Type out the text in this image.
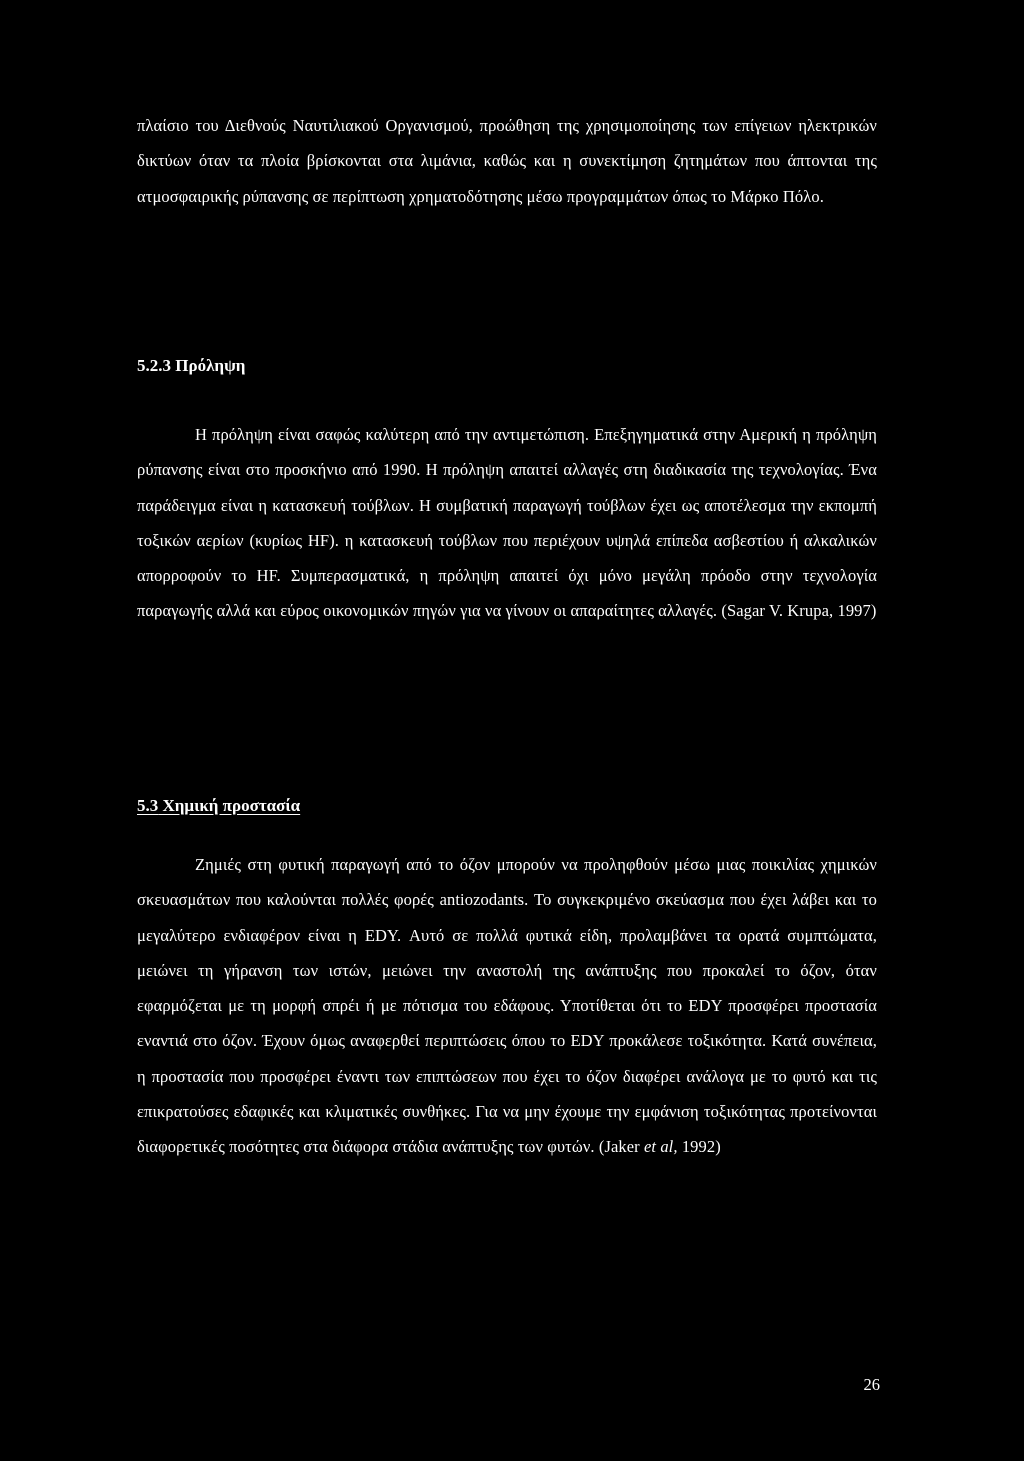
πλαίσιο του Διεθνούς Ναυτιλιακού Οργανισμού, προώθηση της χρησιμοποίησης των επίγειων ηλεκτρικών δικτύων όταν τα πλοία βρίσκονται στα λιμάνια, καθώς και η συνεκτίμηση ζητημάτων που άπτονται της ατμοσφαιρικής ρύπανσης σε περίπτωση χρηματοδότησης μέσω προγραμμάτων όπως το Μάρκο Πόλο.

5.2.3 Πρόληψη

Η πρόληψη είναι σαφώς καλύτερη από την αντιμετώπιση. Επεξηγηματικά στην Αμερική η πρόληψη ρύπανσης είναι στο προσκήνιο από 1990. Η πρόληψη απαιτεί αλλαγές στη διαδικασία της τεχνολογίας. Ένα παράδειγμα είναι η κατασκευή τούβλων. Η συμβατική παραγωγή τούβλων έχει ως αποτέλεσμα την εκπομπή τοξικών αερίων (κυρίως HF). η κατασκευή τούβλων που περιέχουν υψηλά επίπεδα ασβεστίου ή αλκαλικών απορροφούν το HF. Συμπερασματικά, η πρόληψη απαιτεί όχι μόνο μεγάλη πρόοδο στην τεχνολογία παραγωγής αλλά και εύρος οικονομικών πηγών για να γίνουν οι απαραίτητες αλλαγές. (Sagar V. Krupa, 1997)

5.3 Χημική προστασία

Ζημιές στη φυτική παραγωγή από το όζον μπορούν να προληφθούν μέσω μιας ποικιλίας χημικών σκευασμάτων που καλούνται πολλές φορές antiozodants. Το συγκεκριμένο σκεύασμα που έχει λάβει και το μεγαλύτερο ενδιαφέρον είναι η EDY. Αυτό σε πολλά φυτικά είδη, προλαμβάνει τα ορατά συμπτώματα, μειώνει τη γήρανση των ιστών, μειώνει την αναστολή της ανάπτυξης που προκαλεί το όζον, όταν εφαρμόζεται με τη μορφή σπρέι ή με πότισμα του εδάφους. Υποτίθεται ότι το EDY προσφέρει προστασία εναντιά στο όζον. Έχουν όμως αναφερθεί περιπτώσεις όπου το EDY προκάλεσε τοξικότητα. Κατά συνέπεια, η προστασία που προσφέρει έναντι των επιπτώσεων που έχει το όζον διαφέρει ανάλογα με το φυτό και τις επικρατούσες εδαφικές και κλιματικές συνθήκες. Για να μην έχουμε την εμφάνιση τοξικότητας προτείνονται διαφορετικές ποσότητες στα διάφορα στάδια ανάπτυξης των φυτών. (Jaker et al, 1992)

26
